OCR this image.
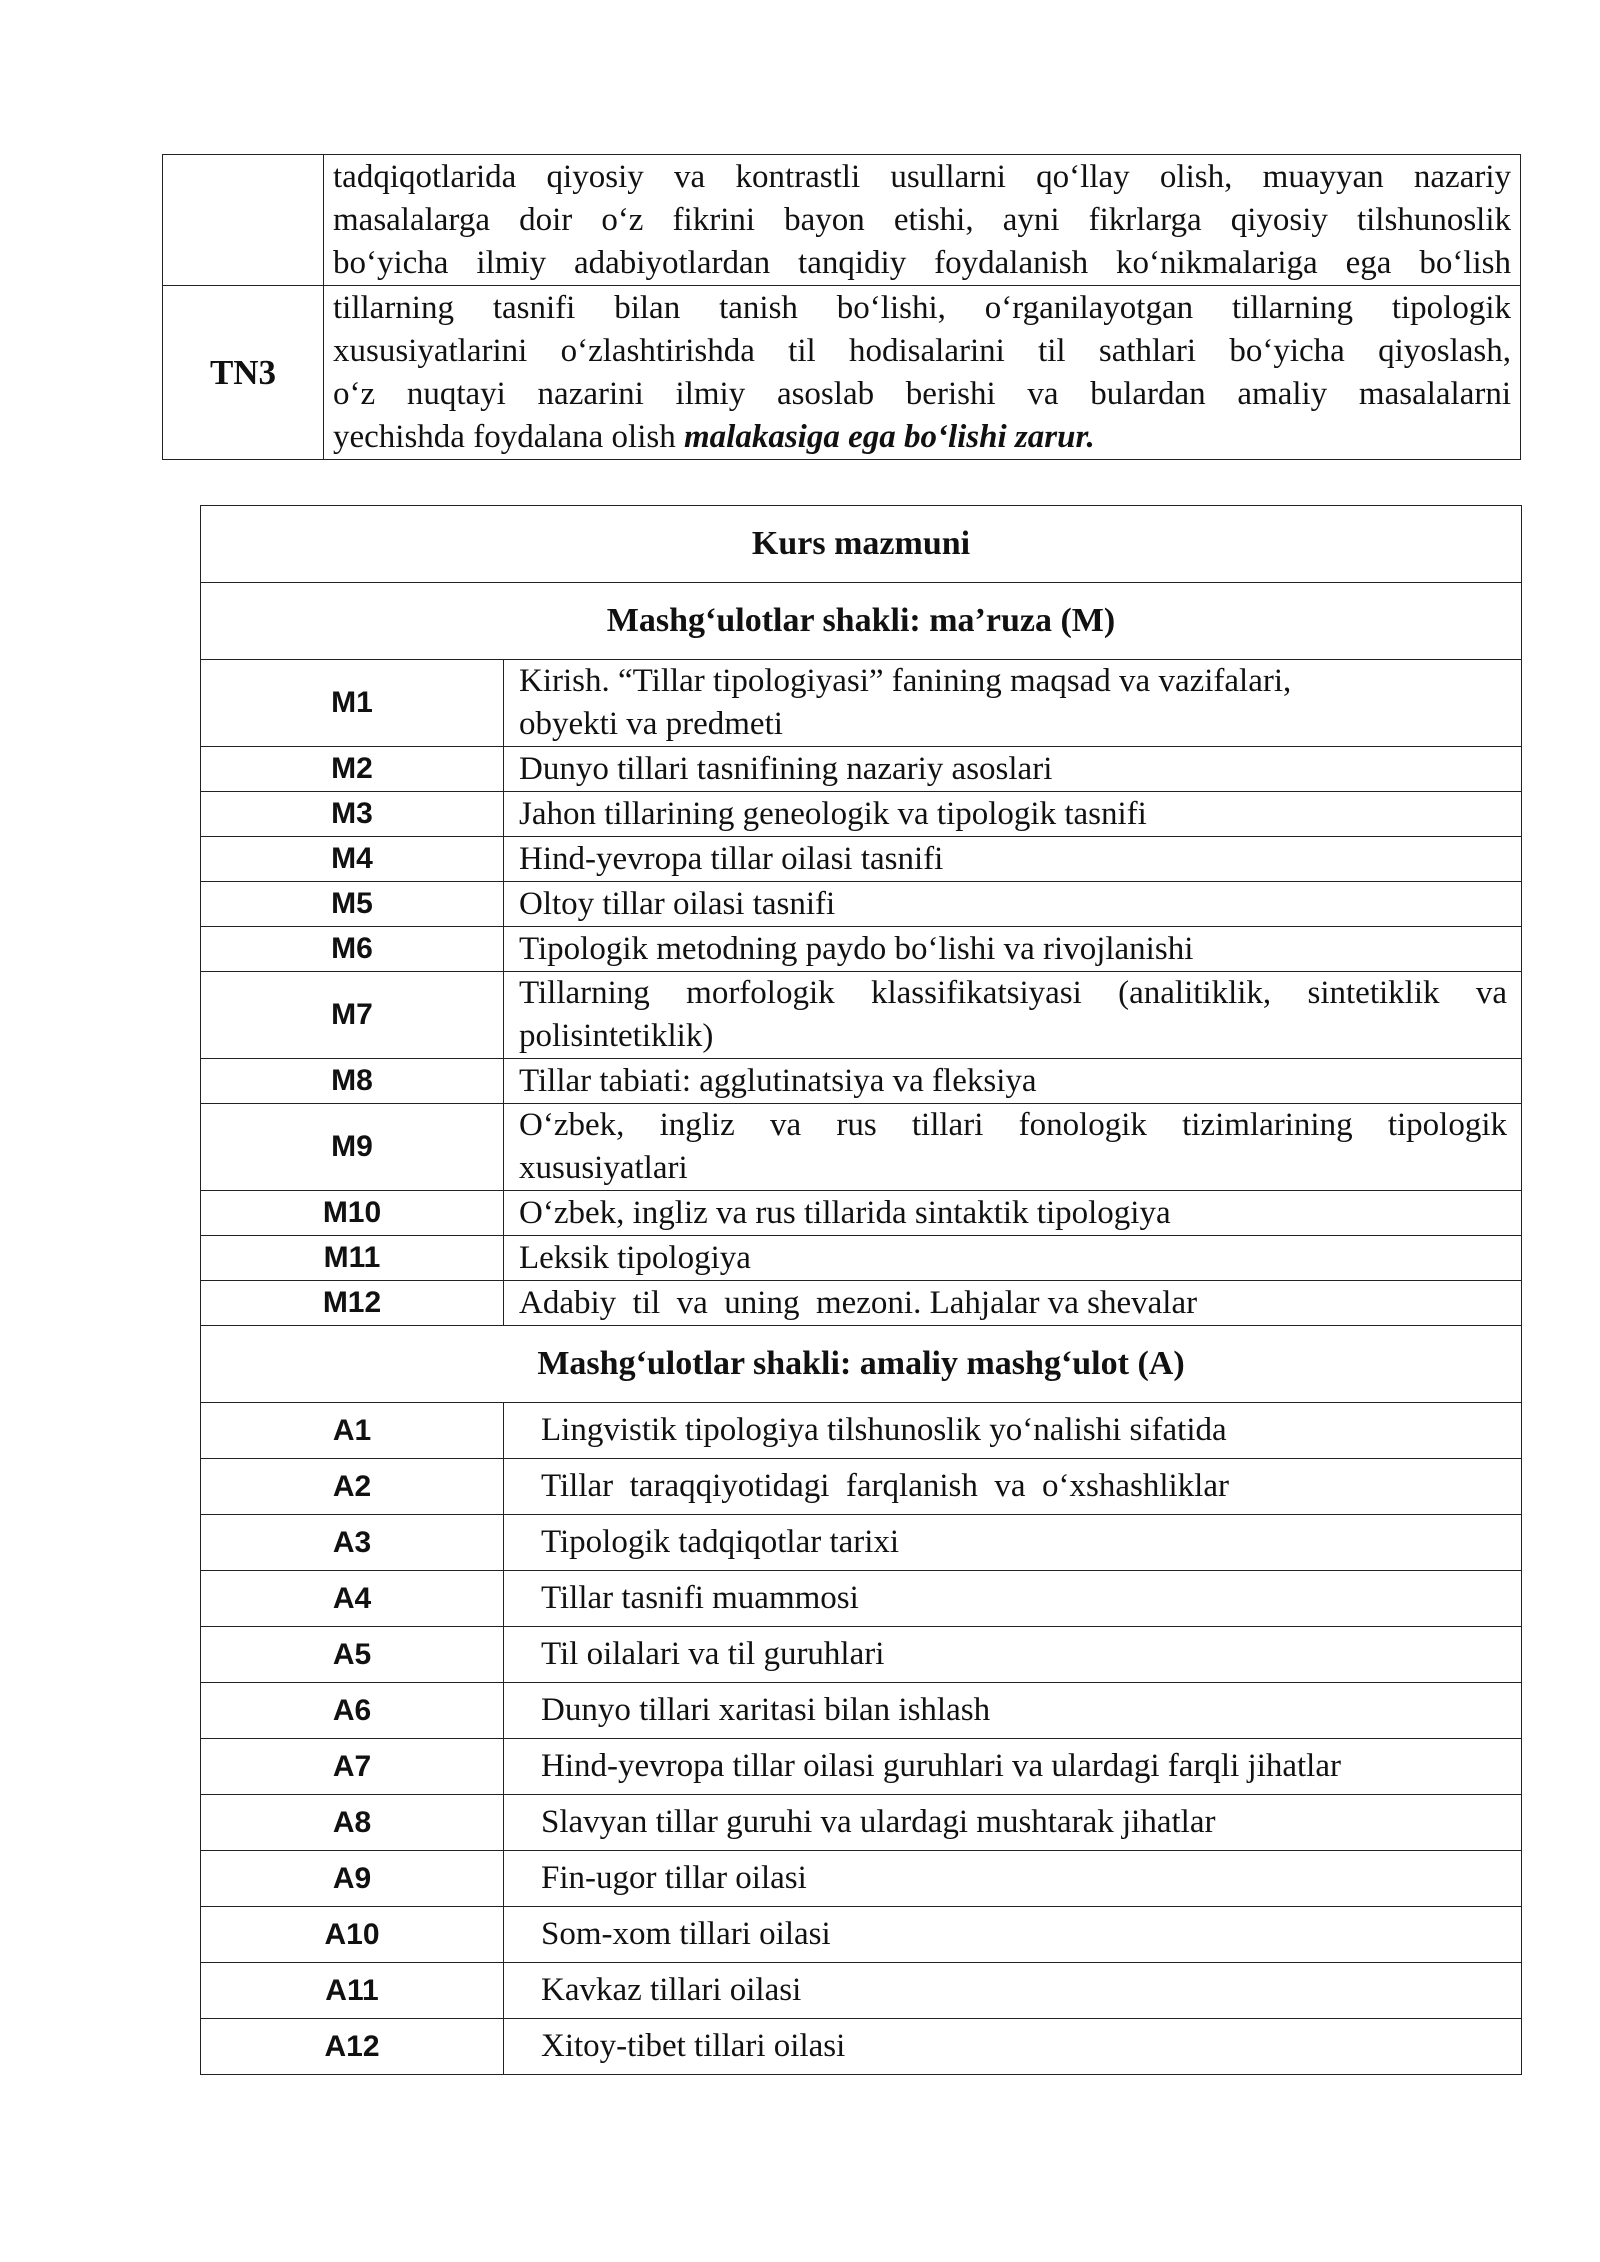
	tadqiqotlarida qiyosiy va kontrastli usullarni qo‘llay olish, muayyan nazariy
masalalarga doir o‘z fikrini bayon etishi, ayni fikrlarga qiyosiy tilshunoslik
bo‘yicha ilmiy adabiyotlardan tanqidiy foydalanish ko‘nikmalariga ega bo‘lish

TN3	tillarning tasnifi bilan tanish bo‘lishi, o‘rganilayotgan tillarning tipologik
xususiyatlarini o‘zlashtirishda til hodisalarini til sathlari bo‘yicha qiyoslash,
o‘z nuqtayi nazarini ilmiy asoslab berishi va bulardan amaliy masalalarni
yechishda foydalana olish malakasiga ega bo‘lishi zarur.
Kurs mazmuni	
Mashg‘ulotlar shakli: ma’ruza (M)	
M1	Kirish. “Tillar tipologiyasi” fanining maqsad va vazifalari,
obyekti va predmeti

M2	Dunyo tillari tasnifining nazariy asoslari
M3	Jahon tillarining geneologik va tipologik tasnifi
M4	Hind-yevropa tillar oilasi tasnifi
M5	Oltoy tillar oilasi tasnifi
M6	Tipologik metodning paydo bo‘lishi va rivojlanishi
M7	Tillarning morfologik klassifikatsiyasi (analitiklik, sintetiklik va
polisintetiklik)

M8	Tillar tabiati: agglutinatsiya va fleksiya
M9	O‘zbek, ingliz va rus tillari fonologik tizimlarining tipologik
xususiyatlari

M10	O‘zbek, ingliz va rus tillarida sintaktik tipologiya
M11	Leksik tipologiya
M12	Adabiy  til  va  uning  mezoni. Lahjalar va shevalar
Mashg‘ulotlar shakli: amaliy mashg‘ulot (A)	
A1	Lingvistik tipologiya tilshunoslik yo‘nalishi sifatida
A2	Tillar  taraqqiyotidagi  farqlanish  va  o‘xshashliklar
A3	Tipologik tadqiqotlar tarixi
A4	Tillar tasnifi muammosi
A5	Til oilalari va til guruhlari
A6	Dunyo tillari xaritasi bilan ishlash
A7	Hind-yevropa tillar oilasi guruhlari va ulardagi farqli jihatlar
A8	Slavyan tillar guruhi va ulardagi mushtarak jihatlar
A9	Fin-ugor tillar oilasi
A10	Som-xom tillari oilasi
A11	Kavkaz tillari oilasi
A12	Xitoy-tibet tillari oilasi
